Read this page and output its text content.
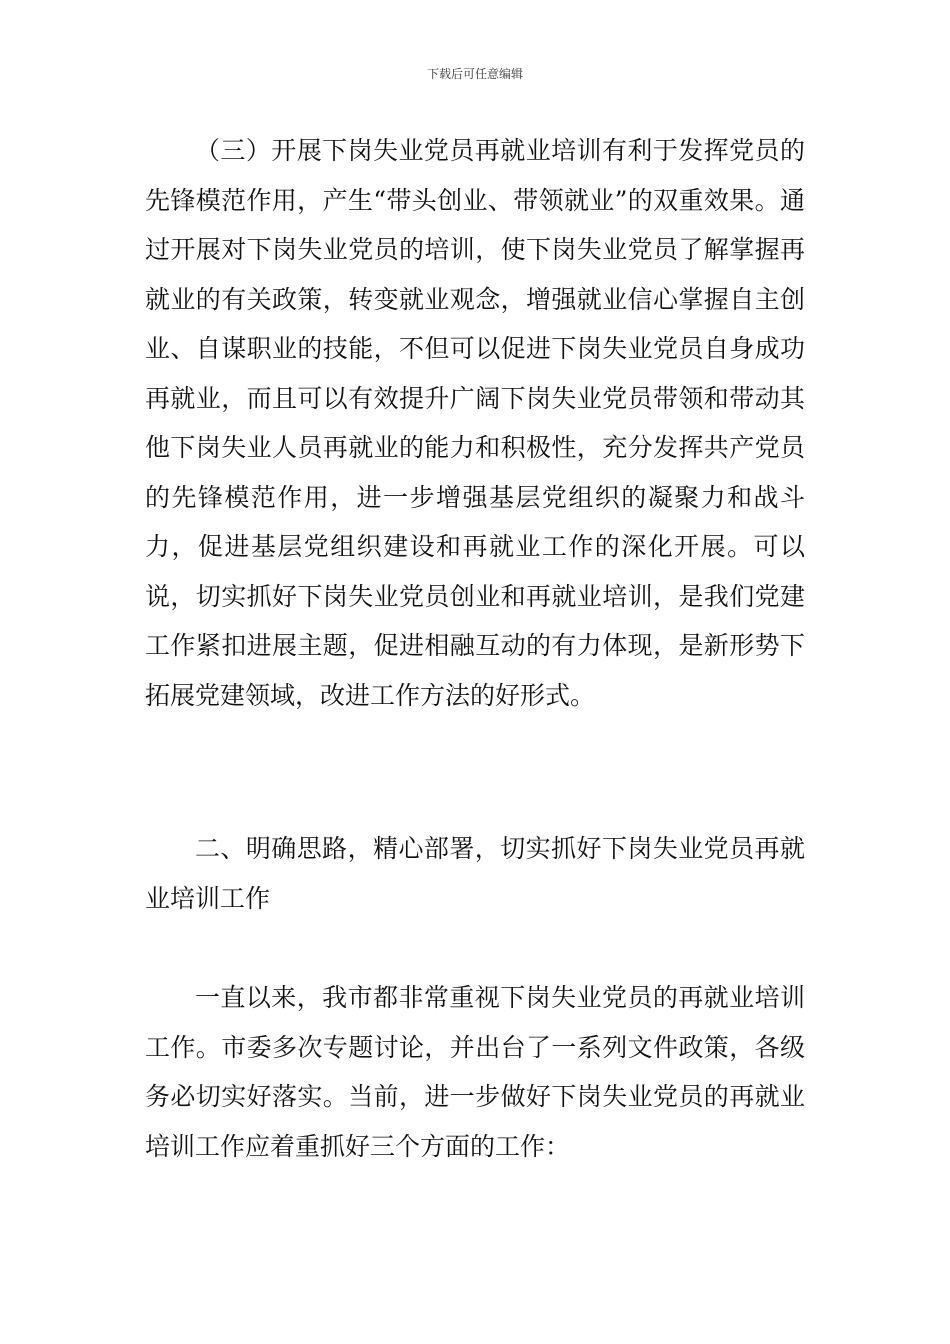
下载后可任意编辑

（三）开展下岗失业党员再就业培训有利于发挥党员的先锋模范作用，产生“带头创业、带领就业”的双重效果。通过开展对下岗失业党员的培训，使下岗失业党员了解掌握再就业的有关政策，转变就业观念，增强就业信心掌握自主创业、自谋职业的技能，不但可以促进下岗失业党员自身成功再就业，而且可以有效提升广阔下岗失业党员带领和带动其他下岗失业人员再就业的能力和积极性，充分发挥共产党员的先锋模范作用，进一步增强基层党组织的凝聚力和战斗力，促进基层党组织建设和再就业工作的深化开展。可以说，切实抓好下岗失业党员创业和再就业培训，是我们党建工作紧扣进展主题，促进相融互动的有力体现，是新形势下拓展党建领域，改进工作方法的好形式。

二、明确思路，精心部署，切实抓好下岗失业党员再就业培训工作

一直以来，我市都非常重视下岗失业党员的再就业培训工作。市委多次专题讨论，并出台了一系列文件政策，各级务必切实好落实。当前，进一步做好下岗失业党员的再就业培训工作应着重抓好三个方面的工作：
